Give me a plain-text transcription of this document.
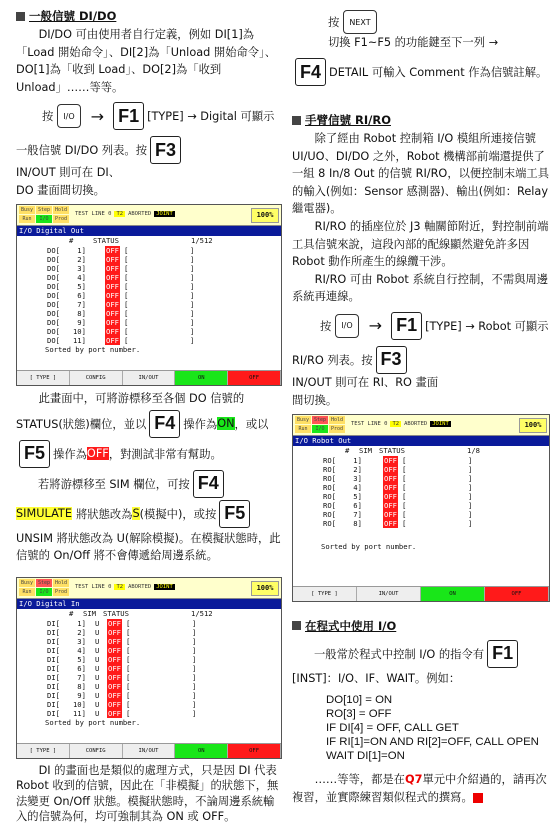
一般信號 DI/DO

DI/DO 可由使用者自行定義，例如 DI[1]為「Load 開始命令」、DI[2]為「Unload 開始命令」、DO[1]為「收到 Load」、DO[2]為「收到 Unload」……等等。

按	I/O	→ F1 [TYPE] → Digital 可顯示
一般信號 DI/DO 列表。按 F3
IN/OUT 則可在 DI、

DO 畫面間切換。

Busy Step Hold
Run	I/O	Prod
TEST LINE 0 T2 ABORTED JOINT	100%
I/O Digital Out
#	STATUS	1/512
DO[    1]	OFF [	]
DO[    2]	OFF [	]
DO[    3]	OFF [	]
DO[    4]	OFF [	]
DO[    5]	OFF [	]
DO[    6]	OFF [	]
DO[    7]	OFF [	]
DO[    8]	OFF [	]
DO[    9]	OFF [	]
DO[   10]	OFF [	]
DO[   11]	OFF [	]
Sorted by port number.
[ TYPE ]	CONFIG	IN/OUT	ON	OFF

此畫面中，可將游標移至各個 DO 信號的

STATUS(狀態)欄位，並以 F4 操作為 ON ，或以
F5 操作為 OFF ，對測試非常有幫助。
若將游標移至 SIM 欄位，可按 F4
SIMULATE 將狀態改為 S (模擬中)，或按 F5

UNSIM 將狀態改為 U(解除模擬)。在模擬狀態時，此信號的 On/Off 將不會傳遞給周邊系統。

Busy Step Hold
Run	I/O	Prod
TEST LINE 0 T2 ABORTED JOINT	100%
I/O Digital In
#	SIM STATUS	1/512
DI[    1]	U	OFF [	]
DI[    2]	U	OFF [	]
DI[    3]	U	OFF [	]
DI[    4]	U	OFF [	]
DI[    5]	U	OFF [	]
DI[    6]	U	OFF [	]
DI[    7]	U	OFF [	]
DI[    8]	U	OFF [	]
DI[    9]	U	OFF [	]
DI[   10]	U	OFF [	]
DI[   11]	U	OFF [	]
Sorted by port number.
[ TYPE ]	CONFIG	IN/OUT	ON	OFF

DI 的畫面也是類似的處理方式，只是因 DI 代表 Robot 收到的信號，因此在「非模擬」的狀態下，無法變更 On/Off 狀態。模擬狀態時，不論周邊系統輸入的信號為何，均可強制其為 ON 或 OFF。

按	NEXT
切換 F1~F5 的功能鍵至下一列 →
F4 DETAIL 可輸入 Comment 作為信號註解。
手臂信號 RI/RO

除了經由 Robot 控制箱 I/O 模組所連接信號 UI/UO、DI/DO 之外，Robot 機構部前端還提供了一組 8 In/8 Out 的信號 RI/RO，以便控制末端工具的輸入(例如：Sensor 感測器)、輸出(例如：Relay 繼電器)。

RI/RO 的插座位於 J3 軸關節附近，對控制前端工具信號來說，這段內部的配線顯然避免許多因 Robot 動作所產生的線纜干涉。

RI/RO 可由 Robot 系統自行控制，不需與周邊系統再連線。

按	I/O	→ F1 [TYPE] → Robot 可顯示
RI/RO 列表。按 F3
IN/OUT 則可在 RI、RO 畫面

間切換。

Busy Step Hold
Run	I/O	Prod
TEST LINE 0 T2 ABORTED JOINT	100%
I/O Robot Out
#	SIM STATUS	1/8
RO[    1]	OFF [	]
RO[    2]	OFF [	]
RO[    3]	OFF [	]
RO[    4]	OFF [	]
RO[    5]	OFF [	]
RO[    6]	OFF [	]
RO[    7]	OFF [	]
RO[    8]	OFF [	]
Sorted by port number.
[ TYPE ]	IN/OUT	ON	OFF
在程式中使用 I/O
一般常於程式中控制 I/O 的指令有 F1

[INST]：I/O、IF、WAIT。例如：

DO[10] = ON

RO[3] = OFF

IF DI[4] = OFF, CALL GET

IF RI[1]=ON AND RI[2]=OFF, CALL OPEN

WAIT DI[1]=ON

……等等，都是在Q7單元中介紹過的，請再次複習，並實際練習類似程式的撰寫。
